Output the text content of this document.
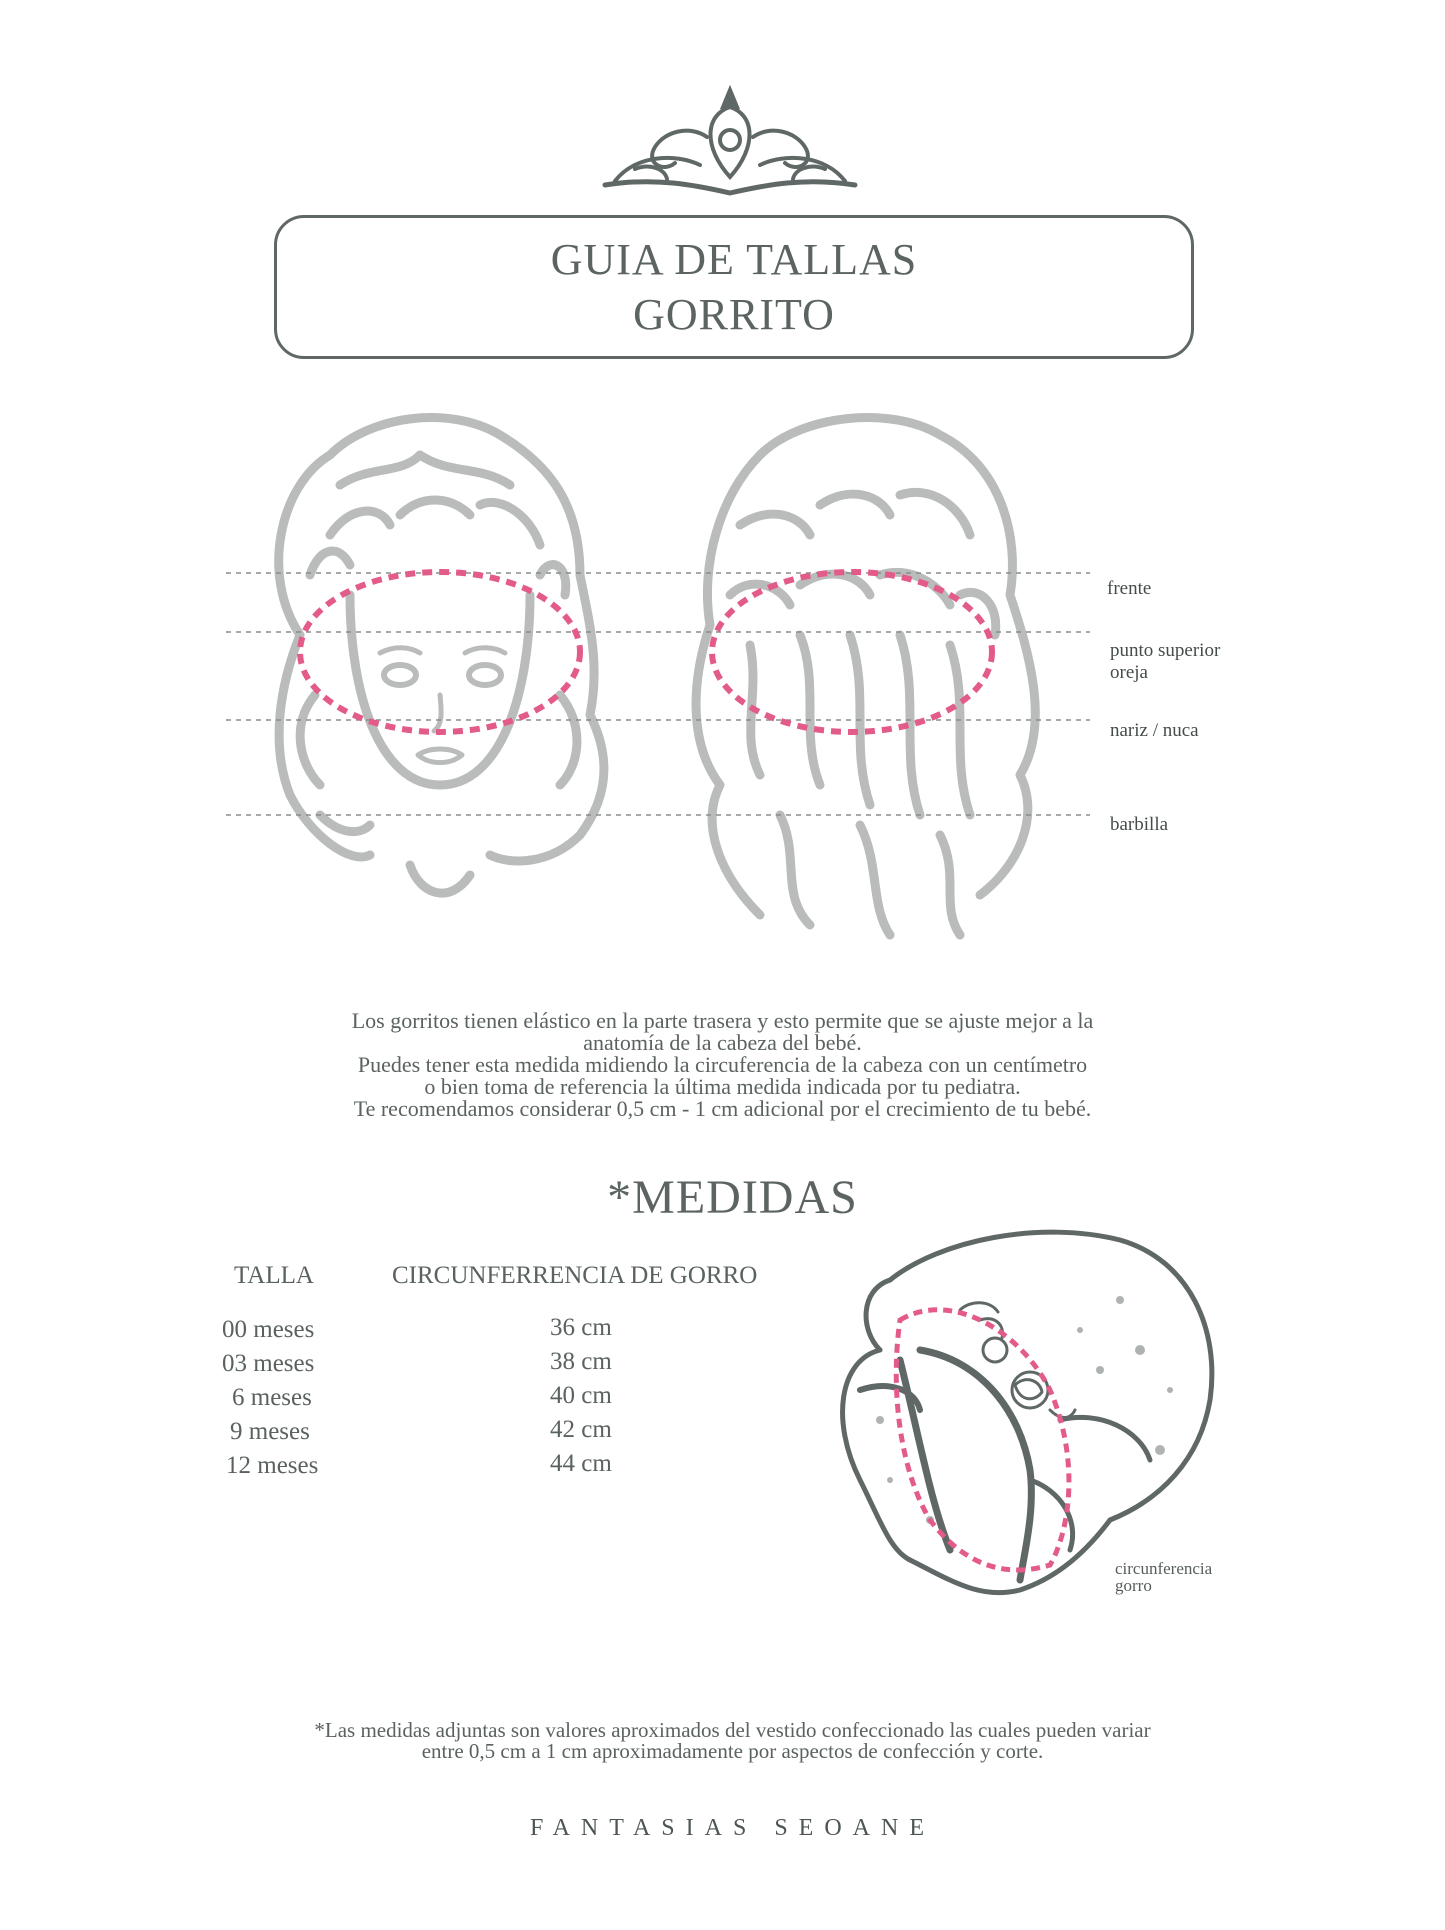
GUIA DE TALLAS
GORRITO
frente
punto superior
oreja
nariz / nuca
barbilla
Los gorritos tienen elástico en la parte trasera y esto permite que se ajuste mejor a la
anatomía de la cabeza del bebé.
Puedes tener esta medida midiendo la circuferencia de la cabeza con un centímetro
o bien toma de referencia la última medida indicada por tu pediatra.
Te recomendamos considerar 0,5 cm - 1 cm adicional por el crecimiento de tu bebé.
*MEDIDAS
TALLA	CIRCUNFERRENCIA DE GORRO
00 meses	36 cm
03 meses	38 cm
6 meses	40 cm
9 meses	42 cm
12 meses	44 cm
circunferencia
gorro
*Las medidas adjuntas son valores aproximados del vestido confeccionado las cuales pueden variar
entre 0,5 cm a 1 cm aproximadamente por aspectos de confección y corte.
FANTASIAS SEOANE
